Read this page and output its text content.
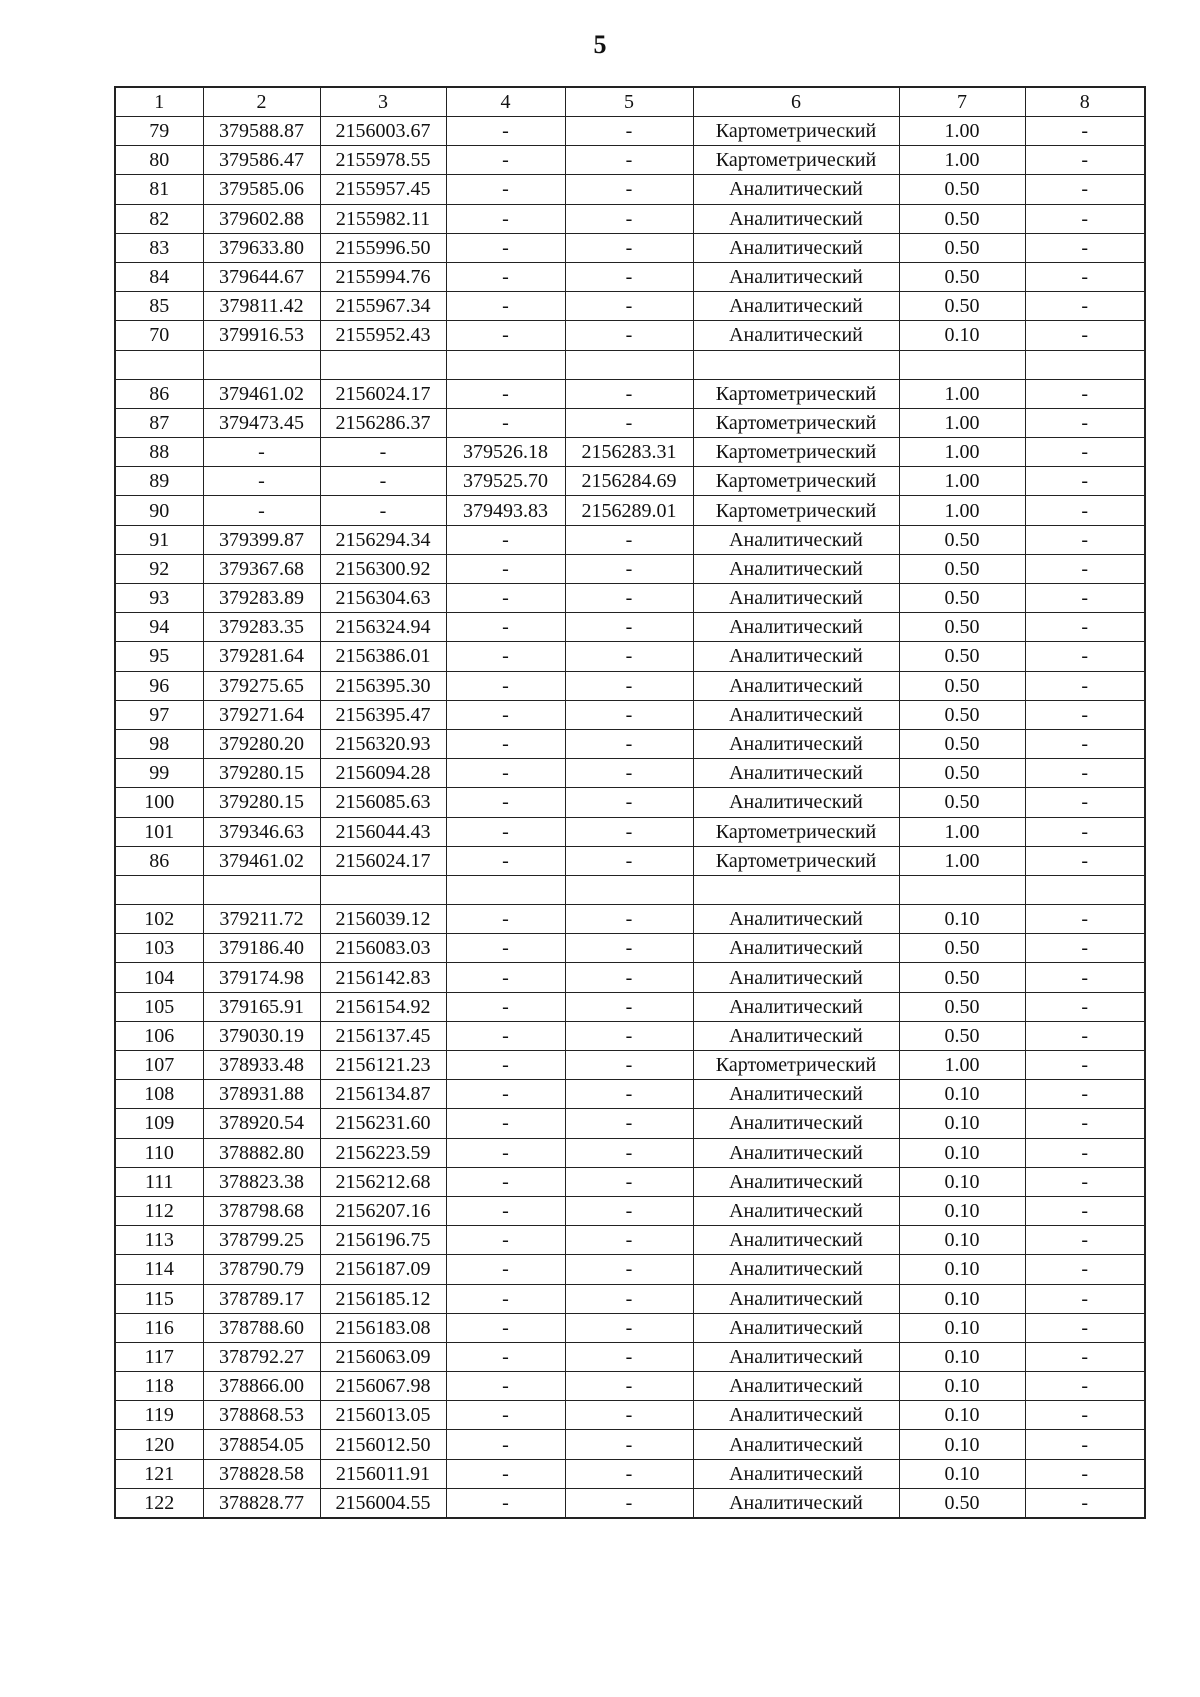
5
1	2	3	4	5	6	7	8
79	379588.87	2156003.67	-	-	Картометрический	1.00	-
80	379586.47	2155978.55	-	-	Картометрический	1.00	-
81	379585.06	2155957.45	-	-	Аналитический	0.50	-
82	379602.88	2155982.11	-	-	Аналитический	0.50	-
83	379633.80	2155996.50	-	-	Аналитический	0.50	-
84	379644.67	2155994.76	-	-	Аналитический	0.50	-
85	379811.42	2155967.34	-	-	Аналитический	0.50	-
70	379916.53	2155952.43	-	-	Аналитический	0.10	-

86	379461.02	2156024.17	-	-	Картометрический	1.00	-
87	379473.45	2156286.37	-	-	Картометрический	1.00	-
88	-	-	379526.18	2156283.31	Картометрический	1.00	-
89	-	-	379525.70	2156284.69	Картометрический	1.00	-
90	-	-	379493.83	2156289.01	Картометрический	1.00	-
91	379399.87	2156294.34	-	-	Аналитический	0.50	-
92	379367.68	2156300.92	-	-	Аналитический	0.50	-
93	379283.89	2156304.63	-	-	Аналитический	0.50	-
94	379283.35	2156324.94	-	-	Аналитический	0.50	-
95	379281.64	2156386.01	-	-	Аналитический	0.50	-
96	379275.65	2156395.30	-	-	Аналитический	0.50	-
97	379271.64	2156395.47	-	-	Аналитический	0.50	-
98	379280.20	2156320.93	-	-	Аналитический	0.50	-
99	379280.15	2156094.28	-	-	Аналитический	0.50	-
100	379280.15	2156085.63	-	-	Аналитический	0.50	-
101	379346.63	2156044.43	-	-	Картометрический	1.00	-
86	379461.02	2156024.17	-	-	Картометрический	1.00	-

102	379211.72	2156039.12	-	-	Аналитический	0.10	-
103	379186.40	2156083.03	-	-	Аналитический	0.50	-
104	379174.98	2156142.83	-	-	Аналитический	0.50	-
105	379165.91	2156154.92	-	-	Аналитический	0.50	-
106	379030.19	2156137.45	-	-	Аналитический	0.50	-
107	378933.48	2156121.23	-	-	Картометрический	1.00	-
108	378931.88	2156134.87	-	-	Аналитический	0.10	-
109	378920.54	2156231.60	-	-	Аналитический	0.10	-
110	378882.80	2156223.59	-	-	Аналитический	0.10	-
111	378823.38	2156212.68	-	-	Аналитический	0.10	-
112	378798.68	2156207.16	-	-	Аналитический	0.10	-
113	378799.25	2156196.75	-	-	Аналитический	0.10	-
114	378790.79	2156187.09	-	-	Аналитический	0.10	-
115	378789.17	2156185.12	-	-	Аналитический	0.10	-
116	378788.60	2156183.08	-	-	Аналитический	0.10	-
117	378792.27	2156063.09	-	-	Аналитический	0.10	-
118	378866.00	2156067.98	-	-	Аналитический	0.10	-
119	378868.53	2156013.05	-	-	Аналитический	0.10	-
120	378854.05	2156012.50	-	-	Аналитический	0.10	-
121	378828.58	2156011.91	-	-	Аналитический	0.10	-
122	378828.77	2156004.55	-	-	Аналитический	0.50	-
